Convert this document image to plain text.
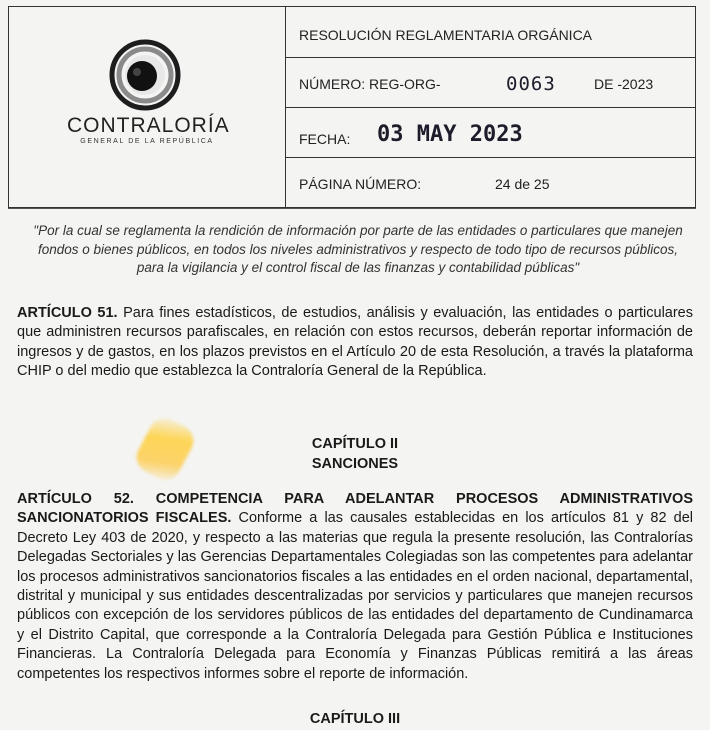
CONTRALORÍA
GENERAL DE LA REPÚBLICA
RESOLUCIÓN REGLAMENTARIA ORGÁNICA
NÚMERO: REG-ORG-	0063	DE -2023
FECHA: 03 MAY 2023
PÁGINA NÚMERO:	24 de 25
"Por la cual se reglamenta la rendición de información por parte de las entidades o particulares que manejen fondos o bienes públicos, en todos los niveles administrativos y respecto de todo tipo de recursos públicos, para la vigilancia y el control fiscal de las finanzas y contabilidad públicas"
ARTÍCULO 51. Para fines estadísticos, de estudios, análisis y evaluación, las entidades o particulares que administren recursos parafiscales, en relación con estos recursos, deberán reportar información de ingresos y de gastos, en los plazos previstos en el Artículo 20 de esta Resolución, a través la plataforma CHIP o del medio que establezca la Contraloría General de la República.
CAPÍTULO II
SANCIONES
ARTÍCULO 52. COMPETENCIA PARA ADELANTAR PROCESOS ADMINISTRATIVOS SANCIONATORIOS FISCALES. Conforme a las causales establecidas en los artículos 81 y 82 del Decreto Ley 403 de 2020, y respecto a las materias que regula la presente resolución, las Contralorías Delegadas Sectoriales y las Gerencias Departamentales Colegiadas son las competentes para adelantar los procesos administrativos sancionatorios fiscales a las entidades en el orden nacional, departamental, distrital y municipal y sus entidades descentralizadas por servicios y particulares que manejen recursos públicos con excepción de los servidores públicos de las entidades del departamento de Cundinamarca y el Distrito Capital, que corresponde a la Contraloría Delegada para Gestión Pública e Instituciones Financieras. La Contraloría Delegada para Economía y Finanzas Públicas remitirá a las áreas competentes los respectivos informes sobre el reporte de información.
CAPÍTULO III
